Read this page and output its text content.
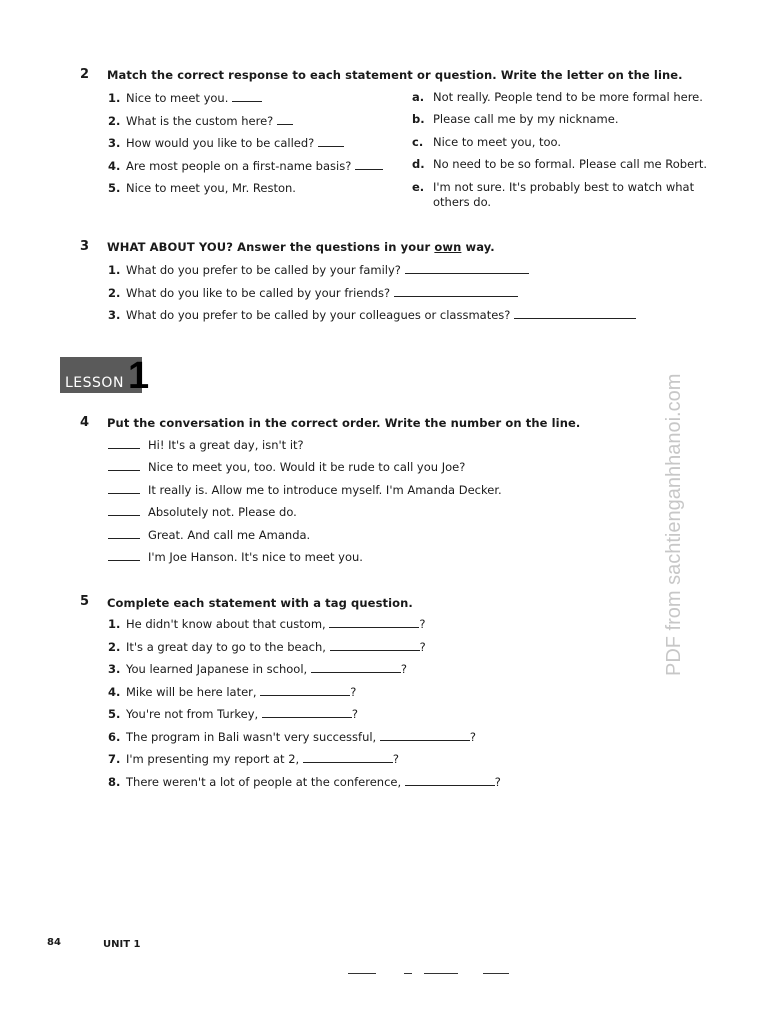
2 Match the correct response to each statement or question. Write the letter on the line.
1. Nice to meet you.
2. What is the custom here?
3. How would you like to be called?
4. Are most people on a first-name basis?
5. Nice to meet you, Mr. Reston.
a. Not really. People tend to be more formal here.
b. Please call me by my nickname.
c. Nice to meet you, too.
d. No need to be so formal. Please call me Robert.
e. I'm not sure. It's probably best to watch what
others do.
3 WHAT ABOUT YOU? Answer the questions in your own way.
1. What do you prefer to be called by your family?
2. What do you like to be called by your friends?
3. What do you prefer to be called by your colleagues or classmates?
LESSON 1	PDF from sachtienganhhanoi.com
4 Put the conversation in the correct order. Write the number on the line.
Hi! It's a great day, isn't it?
Nice to meet you, too. Would it be rude to call you Joe?
It really is. Allow me to introduce myself. I'm Amanda Decker.
Absolutely not. Please do.
Great. And call me Amanda.
I'm Joe Hanson. It's nice to meet you.
5 Complete each statement with a tag question.
1. He didn't know about that custom,	?
2. It's a great day to go to the beach,	?
3. You learned Japanese in school,	?
4. Mike will be here later,	?
5. You're not from Turkey,	?
6. The program in Bali wasn't very successful,	?
7. I'm presenting my report at 2,	?
8. There weren't a lot of people at the conference,	?
84	UNIT 1
